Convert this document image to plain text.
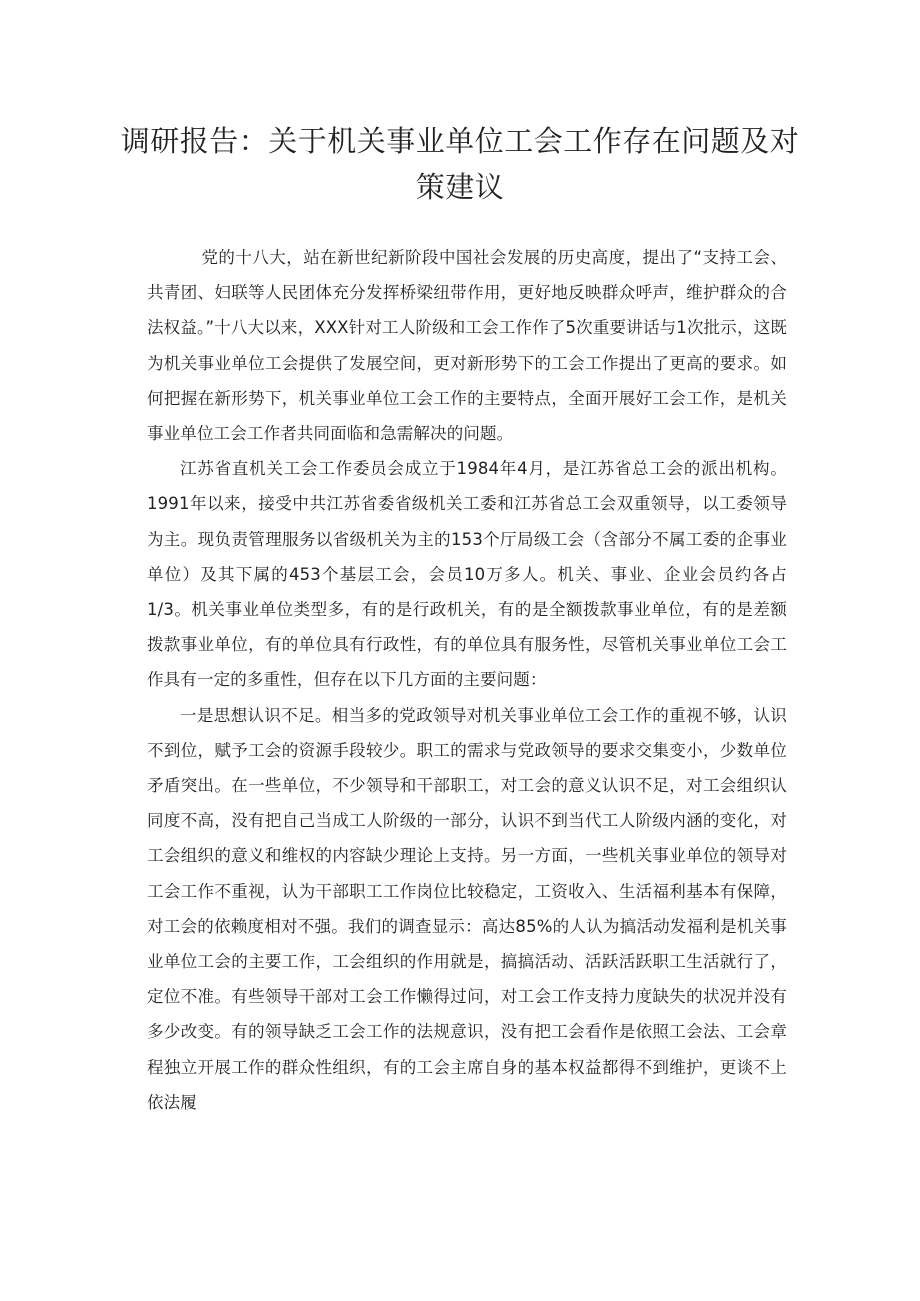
调研报告：关于机关事业单位工会工作存在问题及对
策建议

党的十八大，站在新世纪新阶段中国社会发展的历史高度，提出了“支持工会、共青团、妇联等人民团体充分发挥桥梁纽带作用，更好地反映群众呼声，维护群众的合法权益。”十八大以来，XXX针对工人阶级和工会工作作了5次重要讲话与1次批示，这既为机关事业单位工会提供了发展空间，更对新形势下的工会工作提出了更高的要求。如何把握在新形势下，机关事业单位工会工作的主要特点，全面开展好工会工作，是机关事业单位工会工作者共同面临和急需解决的问题。

江苏省直机关工会工作委员会成立于1984年4月，是江苏省总工会的派出机构。1991年以来，接受中共江苏省委省级机关工委和江苏省总工会双重领导，以工委领导为主。现负责管理服务以省级机关为主的153个厅局级工会（含部分不属工委的企事业单位）及其下属的453个基层工会，会员10万多人。机关、事业、企业会员约各占1/3。机关事业单位类型多，有的是行政机关，有的是全额拨款事业单位，有的是差额拨款事业单位，有的单位具有行政性，有的单位具有服务性，尽管机关事业单位工会工作具有一定的多重性，但存在以下几方面的主要问题：

一是思想认识不足。相当多的党政领导对机关事业单位工会工作的重视不够，认识不到位，赋予工会的资源手段较少。职工的需求与党政领导的要求交集变小，少数单位矛盾突出。在一些单位，不少领导和干部职工，对工会的意义认识不足，对工会组织认同度不高，没有把自己当成工人阶级的一部分，认识不到当代工人阶级内涵的变化，对工会组织的意义和维权的内容缺少理论上支持。另一方面，一些机关事业单位的领导对工会工作不重视，认为干部职工工作岗位比较稳定，工资收入、生活福利基本有保障，对工会的依赖度相对不强。我们的调查显示：高达85%的人认为搞活动发福利是机关事业单位工会的主要工作，工会组织的作用就是，搞搞活动、活跃活跃职工生活就行了，定位不准。有些领导干部对工会工作懒得过问，对工会工作支持力度缺失的状况并没有多少改变。有的领导缺乏工会工作的法规意识，没有把工会看作是依照工会法、工会章程独立开展工作的群众性组织，有的工会主席自身的基本权益都得不到维护，更谈不上依法履
